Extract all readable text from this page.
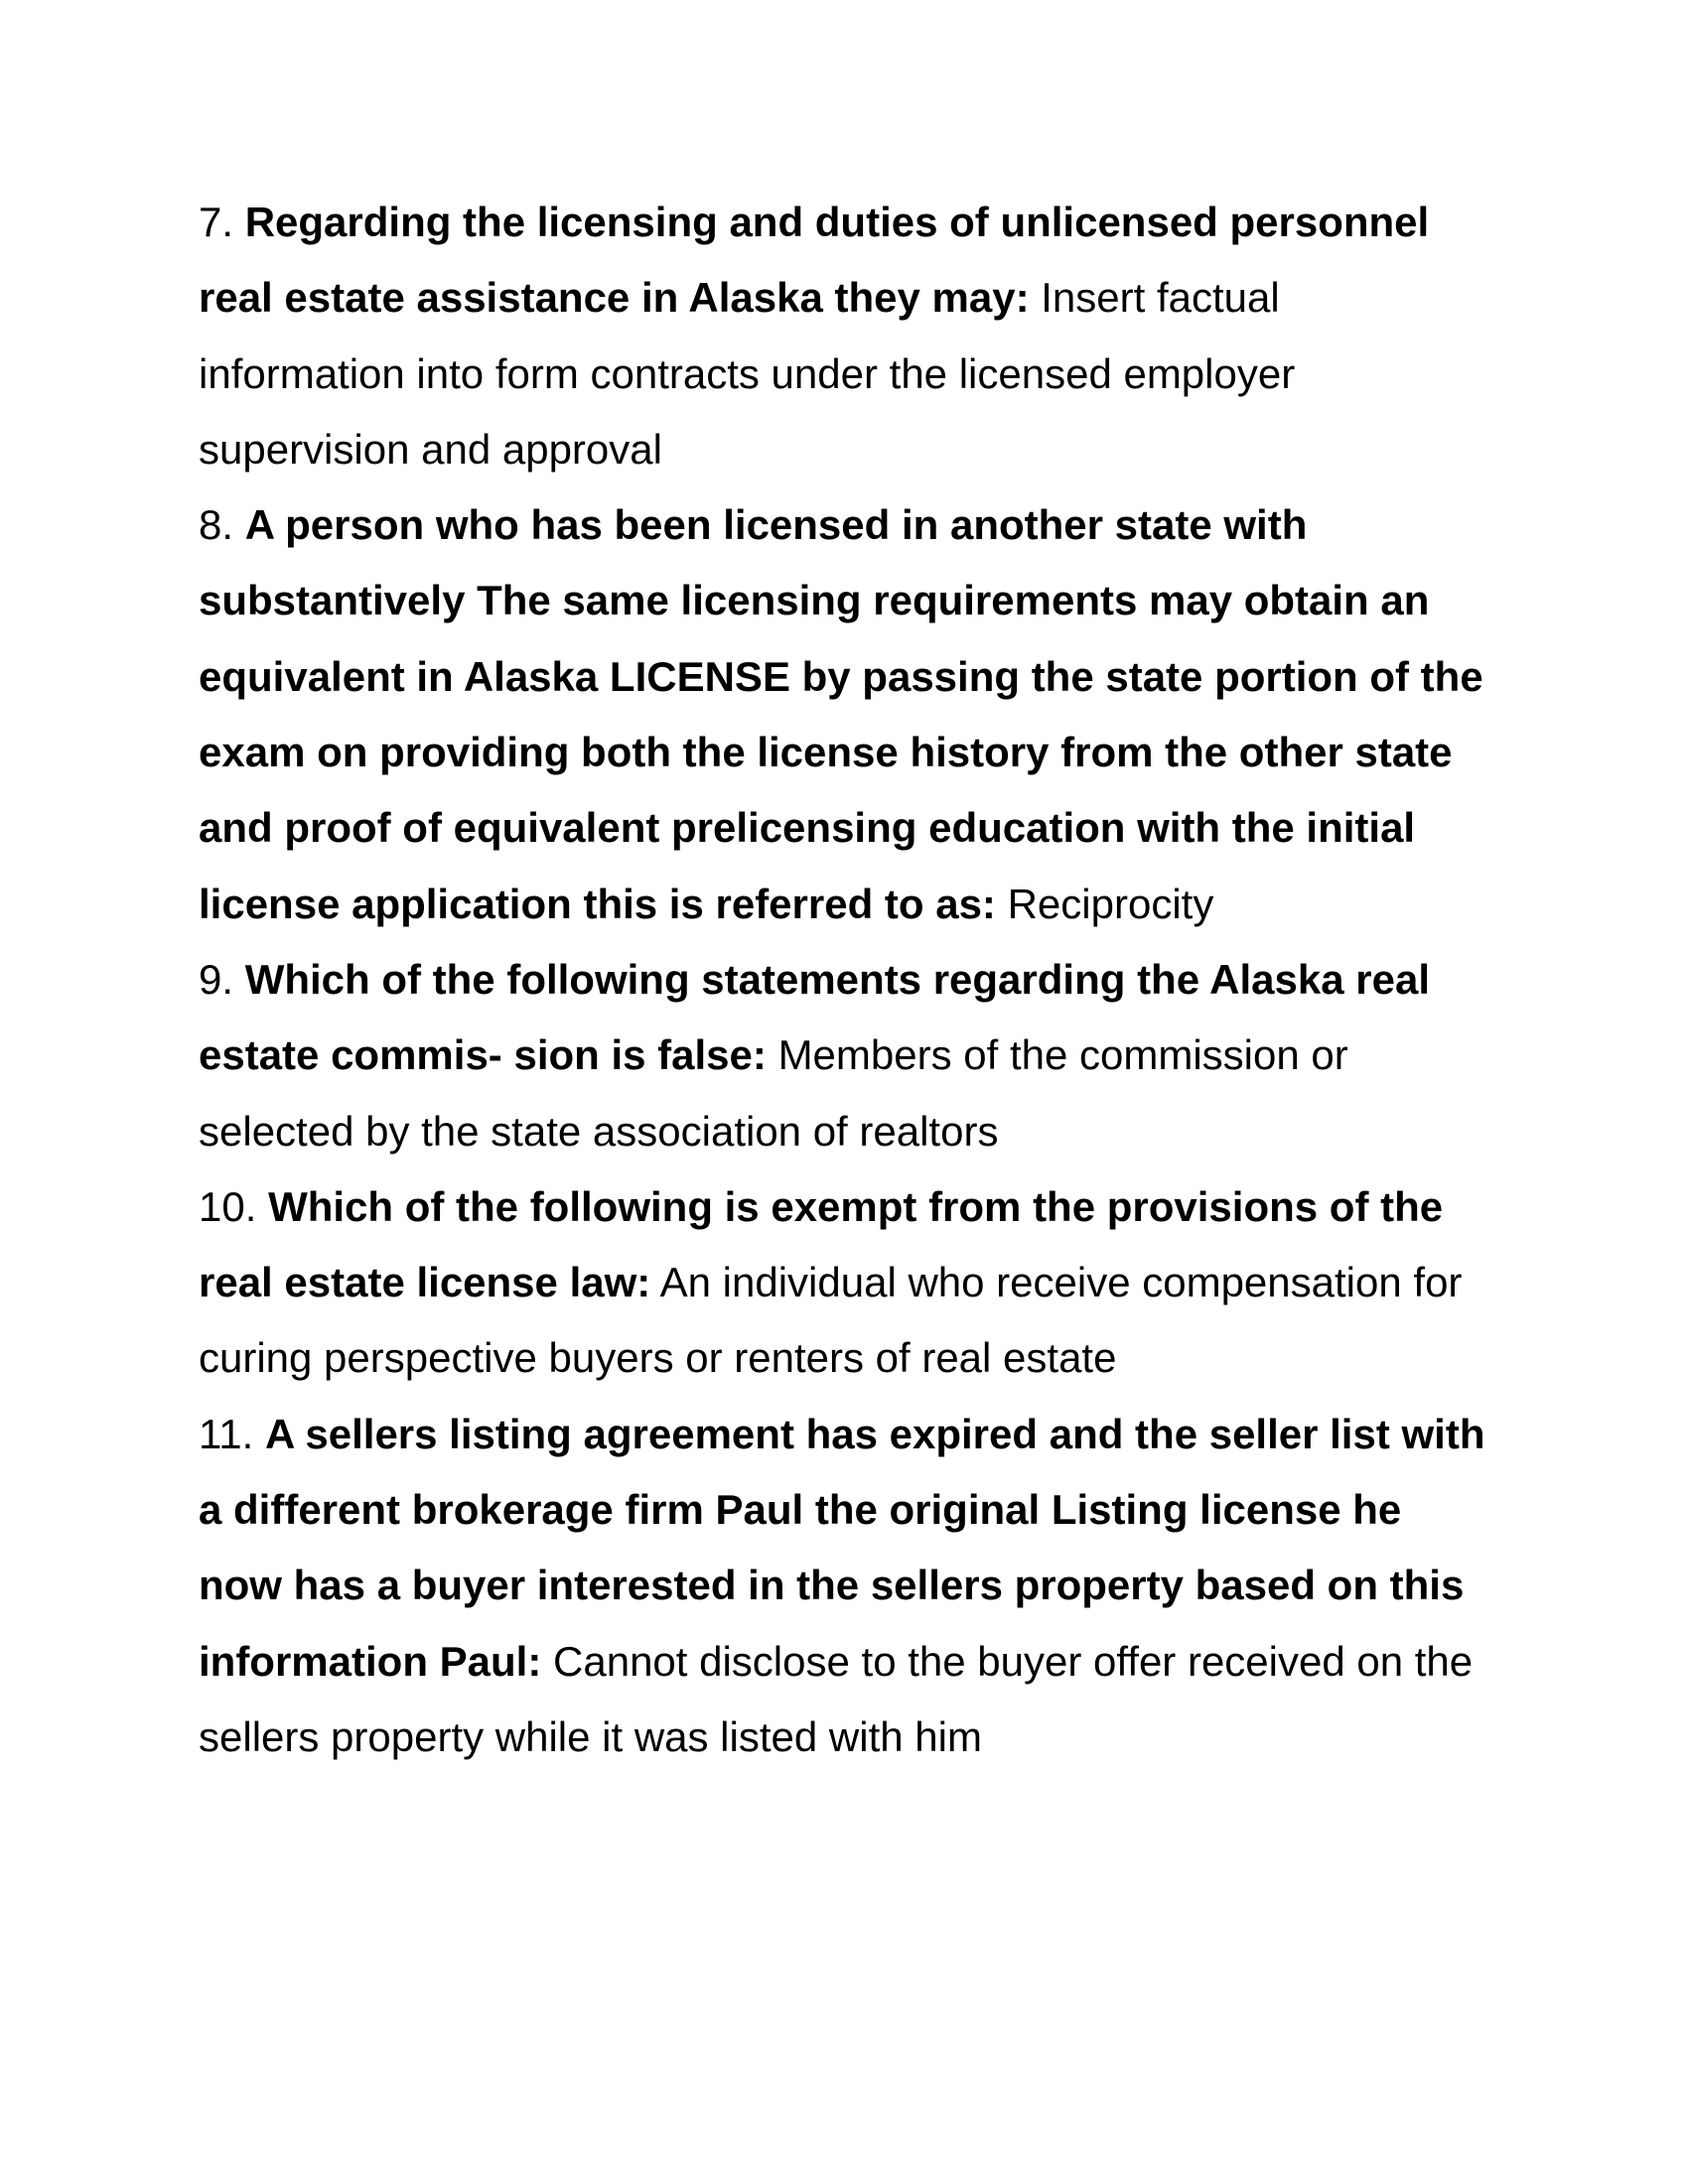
7. Regarding the licensing and duties of unlicensed personnel real estate assistance in Alaska they may: Insert factual information into form contracts under the licensed employer supervision and approval

8. A person who has been licensed in another state with substantively The same licensing requirements may obtain an equivalent in Alaska LICENSE by passing the state portion of the exam on providing both the license history from the other state and proof of equivalent prelicensing education with the initial license application this is referred to as: Reciprocity

9. Which of the following statements regarding the Alaska real estate commis- sion is false: Members of the commission or selected by the state association of realtors

10. Which of the following is exempt from the provisions of the real estate license law: An individual who receive compensation for curing perspective buyers or renters of real estate

11. A sellers listing agreement has expired and the seller list with a different brokerage firm Paul the original Listing license he now has a buyer interested in the sellers property based on this information Paul: Cannot disclose to the buyer offer received on the sellers property while it was listed with him
